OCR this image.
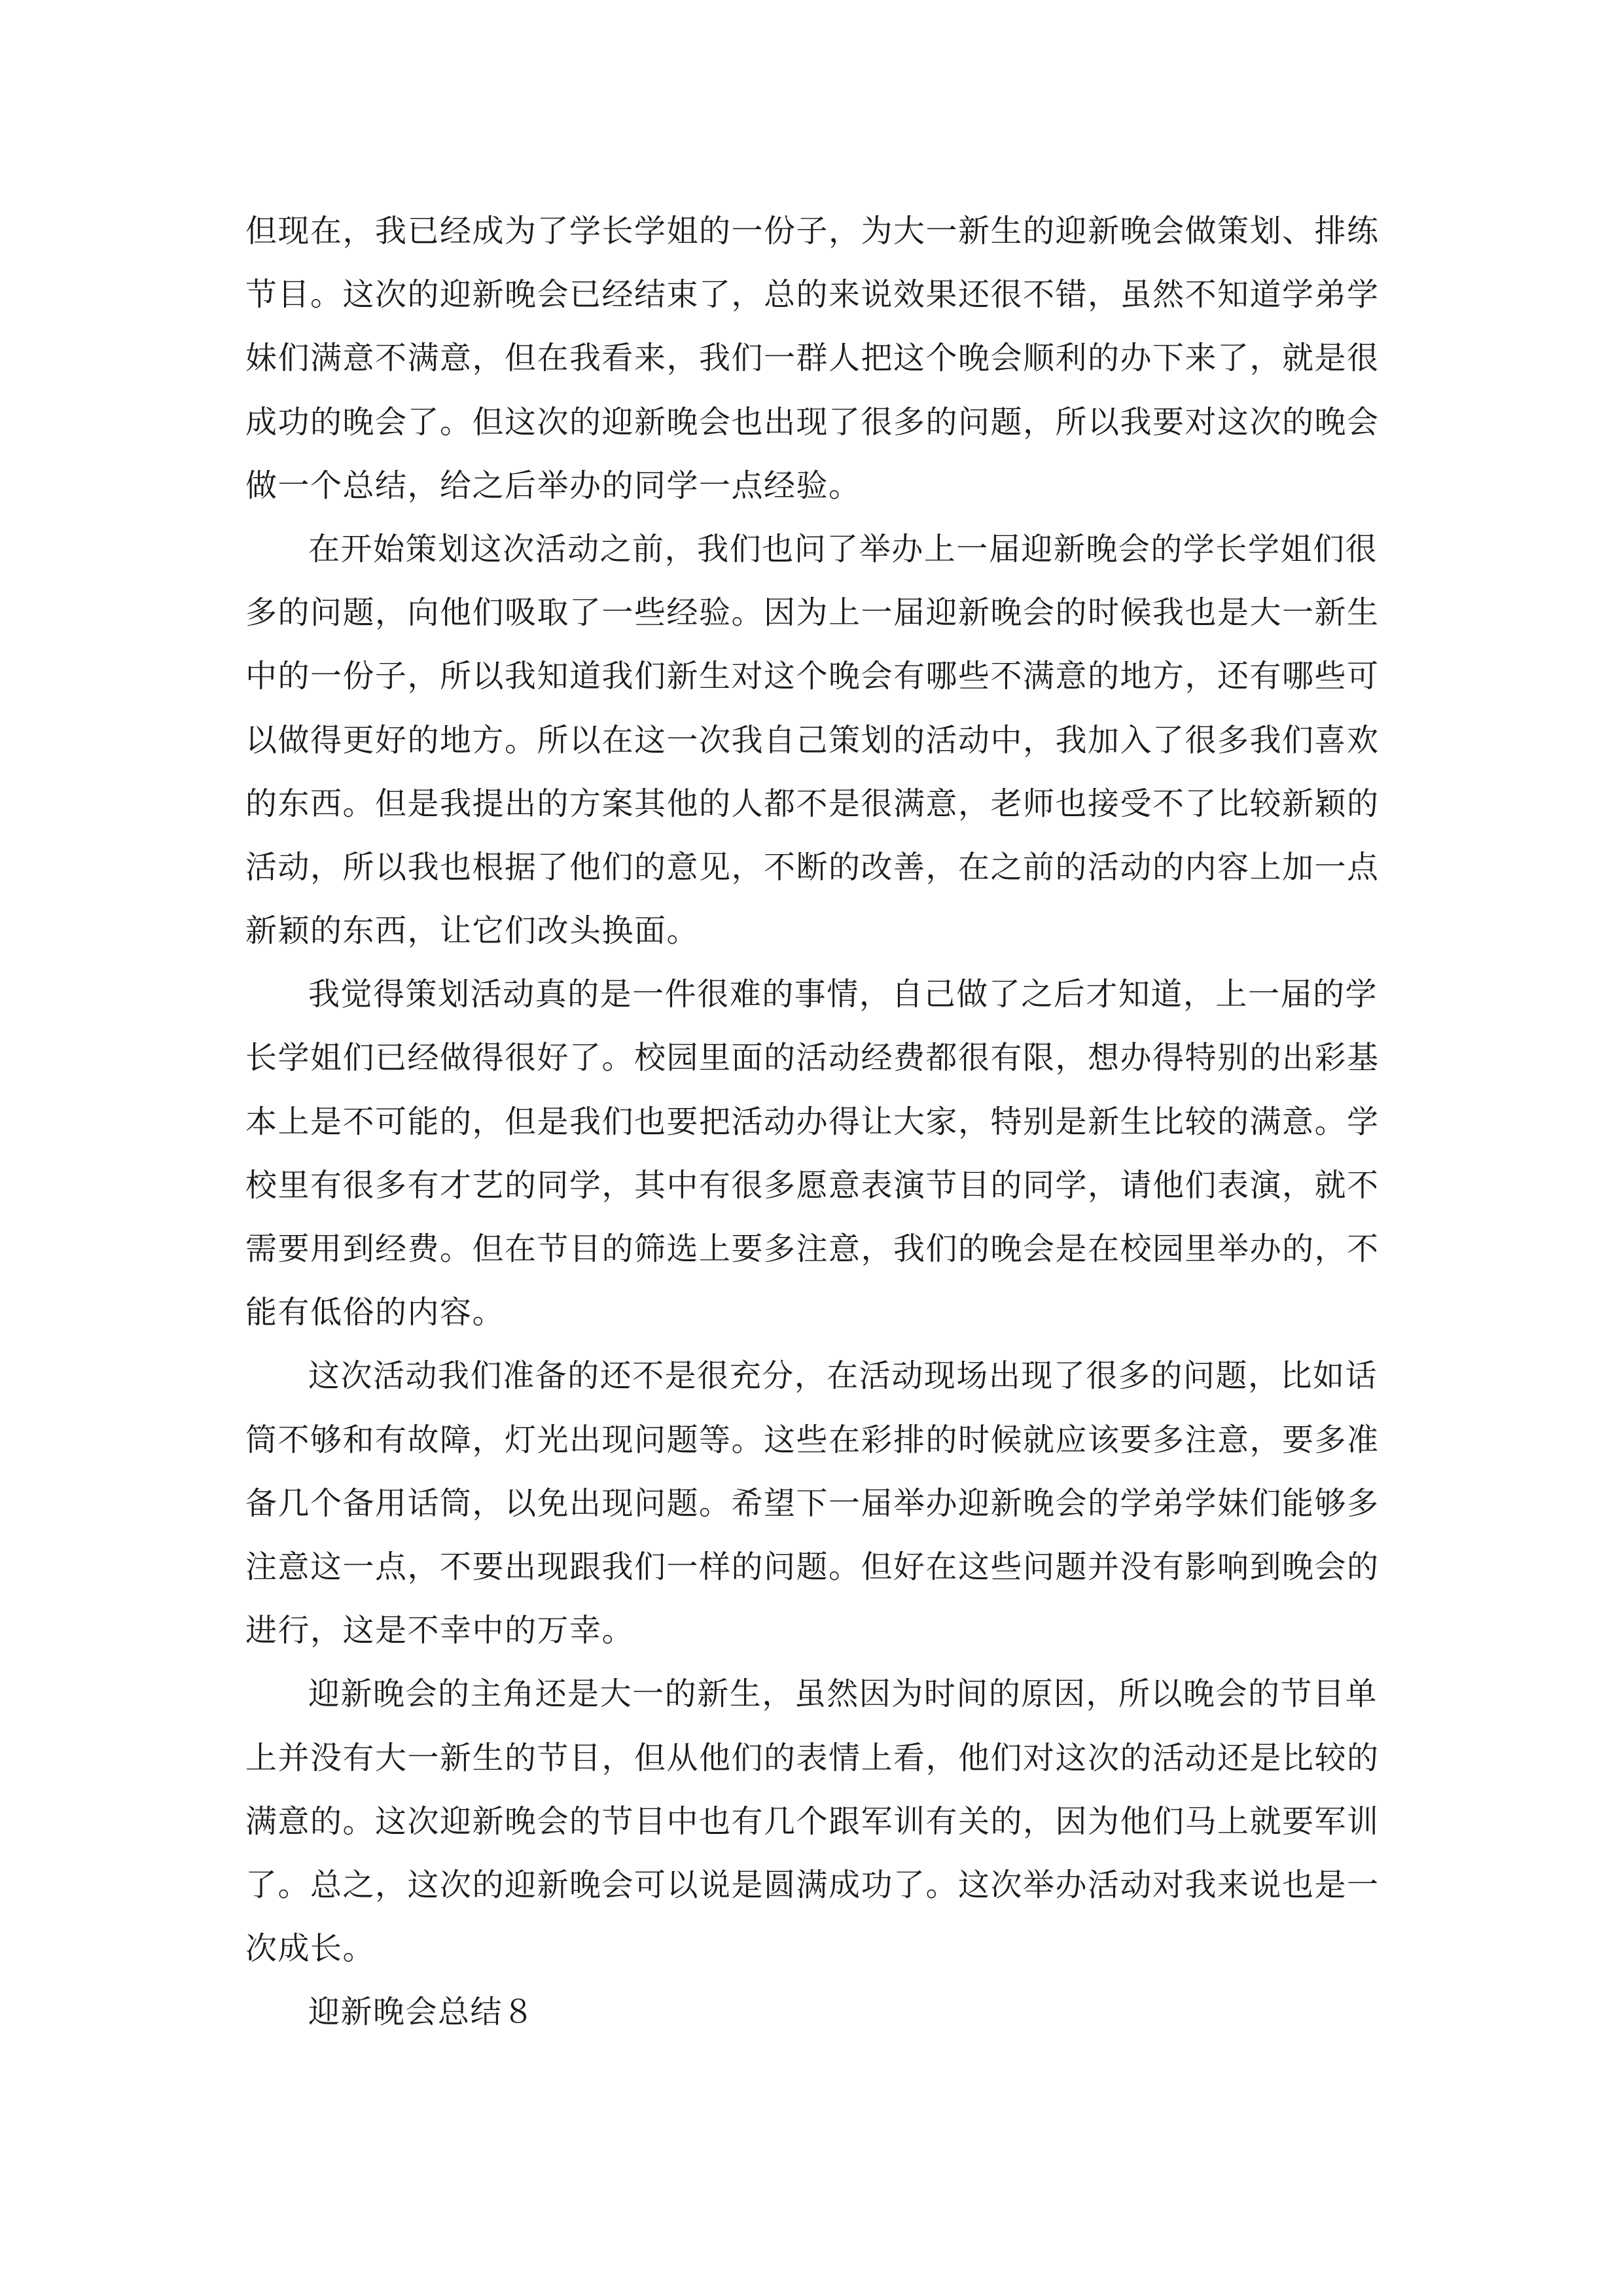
但现在，我已经成为了学长学姐的一份子，为大一新生的迎新晚会做策划、排练
节目。这次的迎新晚会已经结束了，总的来说效果还很不错，虽然不知道学弟学
妹们满意不满意，但在我看来，我们一群人把这个晚会顺利的办下来了，就是很
成功的晚会了。但这次的迎新晚会也出现了很多的问题，所以我要对这次的晚会
做一个总结，给之后举办的同学一点经验。

在开始策划这次活动之前，我们也问了举办上一届迎新晚会的学长学姐们很
多的问题，向他们吸取了一些经验。因为上一届迎新晚会的时候我也是大一新生
中的一份子，所以我知道我们新生对这个晚会有哪些不满意的地方，还有哪些可
以做得更好的地方。所以在这一次我自己策划的活动中，我加入了很多我们喜欢
的东西。但是我提出的方案其他的人都不是很满意，老师也接受不了比较新颖的
活动，所以我也根据了他们的意见，不断的改善，在之前的活动的内容上加一点
新颖的东西，让它们改头换面。

我觉得策划活动真的是一件很难的事情，自己做了之后才知道，上一届的学
长学姐们已经做得很好了。校园里面的活动经费都很有限，想办得特别的出彩基
本上是不可能的，但是我们也要把活动办得让大家，特别是新生比较的满意。学
校里有很多有才艺的同学，其中有很多愿意表演节目的同学，请他们表演，就不
需要用到经费。但在节目的筛选上要多注意，我们的晚会是在校园里举办的，不
能有低俗的内容。

这次活动我们准备的还不是很充分，在活动现场出现了很多的问题，比如话
筒不够和有故障，灯光出现问题等。这些在彩排的时候就应该要多注意，要多准
备几个备用话筒，以免出现问题。希望下一届举办迎新晚会的学弟学妹们能够多
注意这一点，不要出现跟我们一样的问题。但好在这些问题并没有影响到晚会的
进行，这是不幸中的万幸。

迎新晚会的主角还是大一的新生，虽然因为时间的原因，所以晚会的节目单
上并没有大一新生的节目，但从他们的表情上看，他们对这次的活动还是比较的
满意的。这次迎新晚会的节目中也有几个跟军训有关的，因为他们马上就要军训
了。总之，这次的迎新晚会可以说是圆满成功了。这次举办活动对我来说也是一
次成长。

迎新晚会总结８
